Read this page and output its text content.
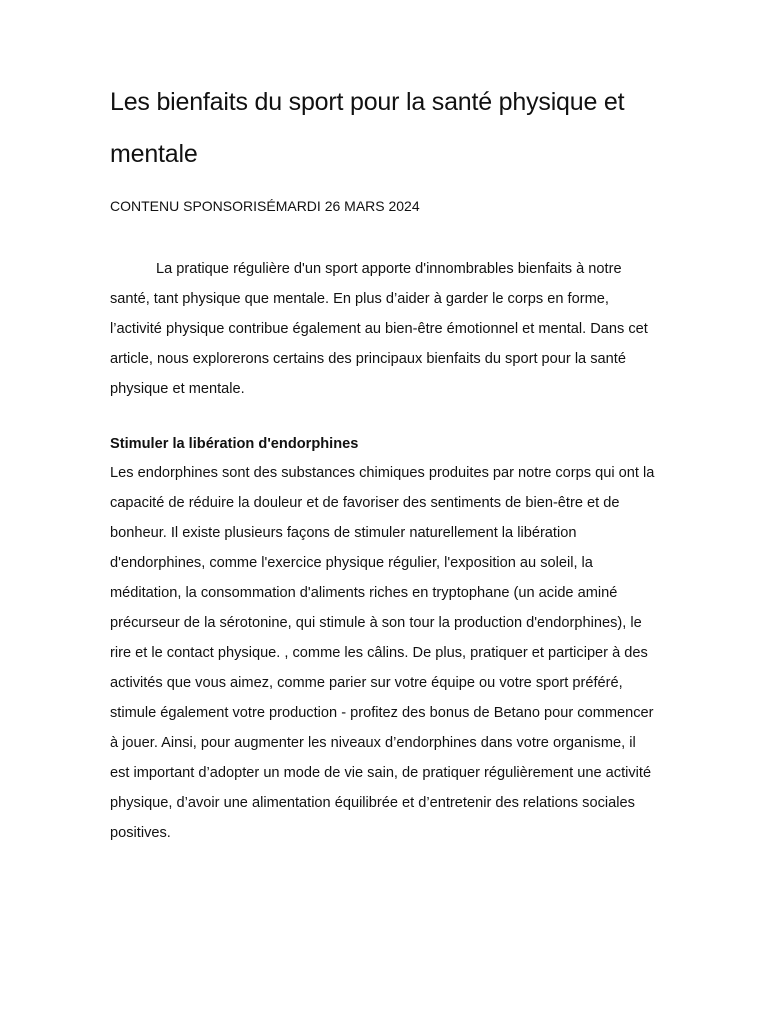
Les bienfaits du sport pour la santé physique et mentale
CONTENU SPONSORISÉMARDI 26 MARS 2024

La pratique régulière d'un sport apporte d'innombrables bienfaits à notre santé, tant physique que mentale. En plus d’aider à garder le corps en forme, l’activité physique contribue également au bien-être émotionnel et mental. Dans cet article, nous explorerons certains des principaux bienfaits du sport pour la santé physique et mentale.

Stimuler la libération d'endorphines

Les endorphines sont des substances chimiques produites par notre corps qui ont la capacité de réduire la douleur et de favoriser des sentiments de bien-être et de bonheur. Il existe plusieurs façons de stimuler naturellement la libération d'endorphines, comme l'exercice physique régulier, l'exposition au soleil, la méditation, la consommation d'aliments riches en tryptophane (un acide aminé précurseur de la sérotonine, qui stimule à son tour la production d'endorphines), le rire et le contact physique. , comme les câlins. De plus, pratiquer et participer à des activités que vous aimez, comme parier sur votre équipe ou votre sport préféré, stimule également votre production - profitez des bonus de Betano pour commencer à jouer. Ainsi, pour augmenter les niveaux d’endorphines dans votre organisme, il est important d’adopter un mode de vie sain, de pratiquer régulièrement une activité physique, d’avoir une alimentation équilibrée et d’entretenir des relations sociales positives.
